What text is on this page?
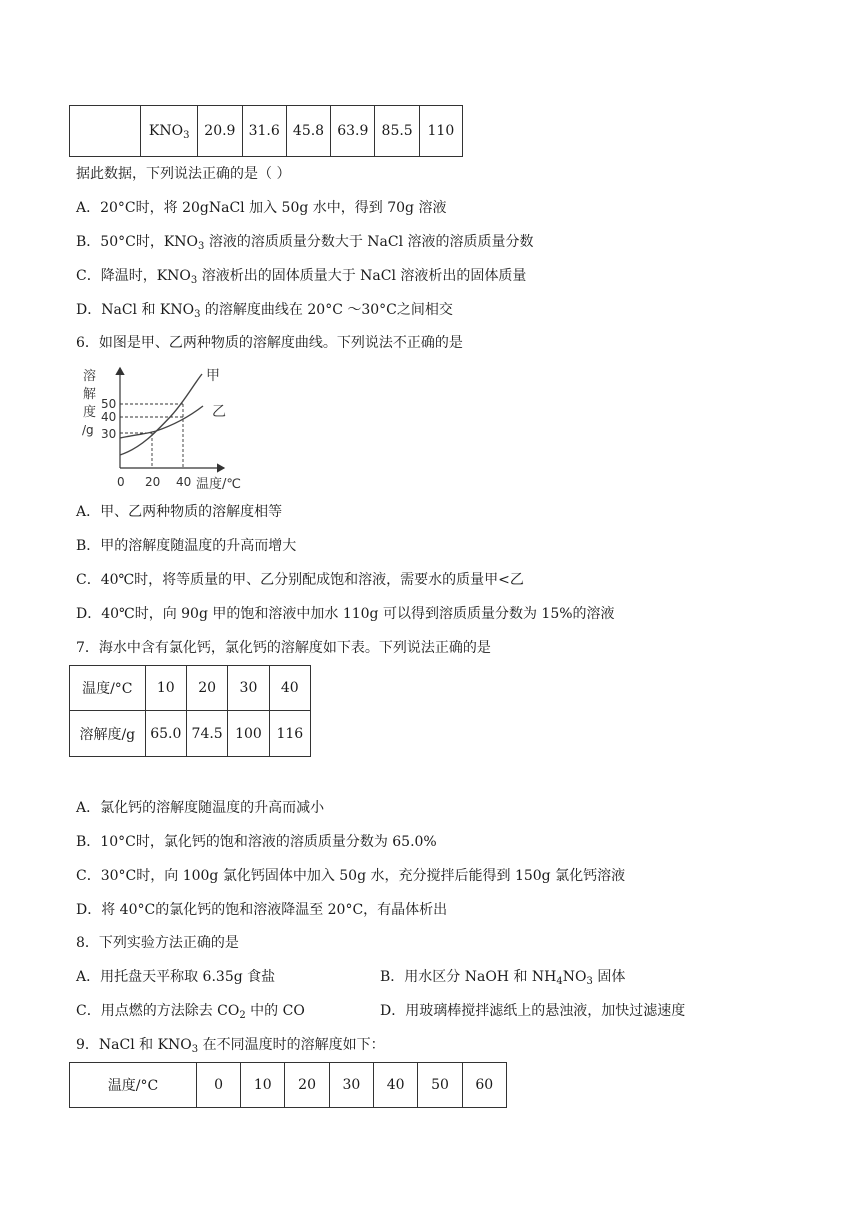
	$KNO_3$	20.9	31.6	45.8	63.9	85.5	110
据此数据，下列说法正确的是（ ）
A．20°C时，将 20gNaCl 加入 50g 水中，得到 70g 溶液
B．50°C时，$KNO_3$ 溶液的溶质质量分数大于 NaCl 溶液的溶质质量分数
C．降温时，$KNO_3$ 溶液析出的固体质量大于 NaCl 溶液析出的固体质量
D．NaCl 和 $KNO_3$ 的溶解度曲线在 20°C ～30°C之间相交
6．如图是甲、乙两种物质的溶解度曲线。下列说法不正确的是
溶
解
度
/g
甲
乙
50
40
30
0 20 40 温度/℃
A．甲、乙两种物质的溶解度相等
B．甲的溶解度随温度的升高而增大
C．40℃时，将等质量的甲、乙分别配成饱和溶液，需要水的质量甲<乙
D．40℃时，向 90g 甲的饱和溶液中加水 110g 可以得到溶质质量分数为 15%的溶液
7．海水中含有氯化钙，氯化钙的溶解度如下表。下列说法正确的是
温度/°C	10	20	30	40
溶解度/g	65.0	74.5	100	116
A．氯化钙的溶解度随温度的升高而减小
B．10°C时，氯化钙的饱和溶液的溶质质量分数为 65.0%
C．30°C时，向 100g 氯化钙固体中加入 50g 水，充分搅拌后能得到 150g 氯化钙溶液
D．将 40°C的氯化钙的饱和溶液降温至 20°C，有晶体析出
8．下列实验方法正确的是
A．用托盘天平称取 6.35g 食盐	B．用水区分 NaOH 和 $NH_4NO_3$ 固体
C．用点燃的方法除去 $CO_2$ 中的 CO	D．用玻璃棒搅拌滤纸上的悬浊液，加快过滤速度
9．NaCl 和 $KNO_3$ 在不同温度时的溶解度如下：
温度/°C	0	10	20	30	40	50	60
